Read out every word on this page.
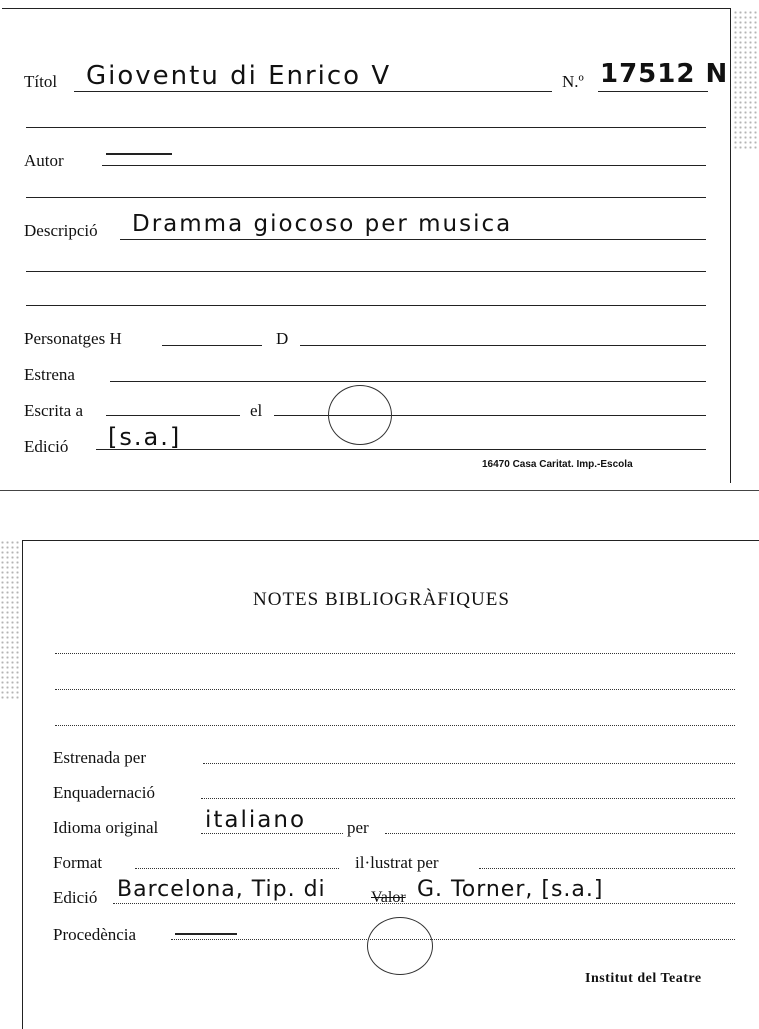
Títol Gioventu di Enrico V	N.º 17512 N
Autor
Descripció Dramma giocoso per musica
Personatges H	D
Estrena
Escrita a	el
Edició [s.a.]
16470 Casa Caritat. Imp.-Escola
NOTES BIBLIOGRÀFIQUES
Estrenada per
Enquadernació
Idioma original italiano per
Format	il·lustrat per
Edició Barcelona, Tip. di	Valor G. Torner, [s.a.]
Procedència
Institut del Teatre
